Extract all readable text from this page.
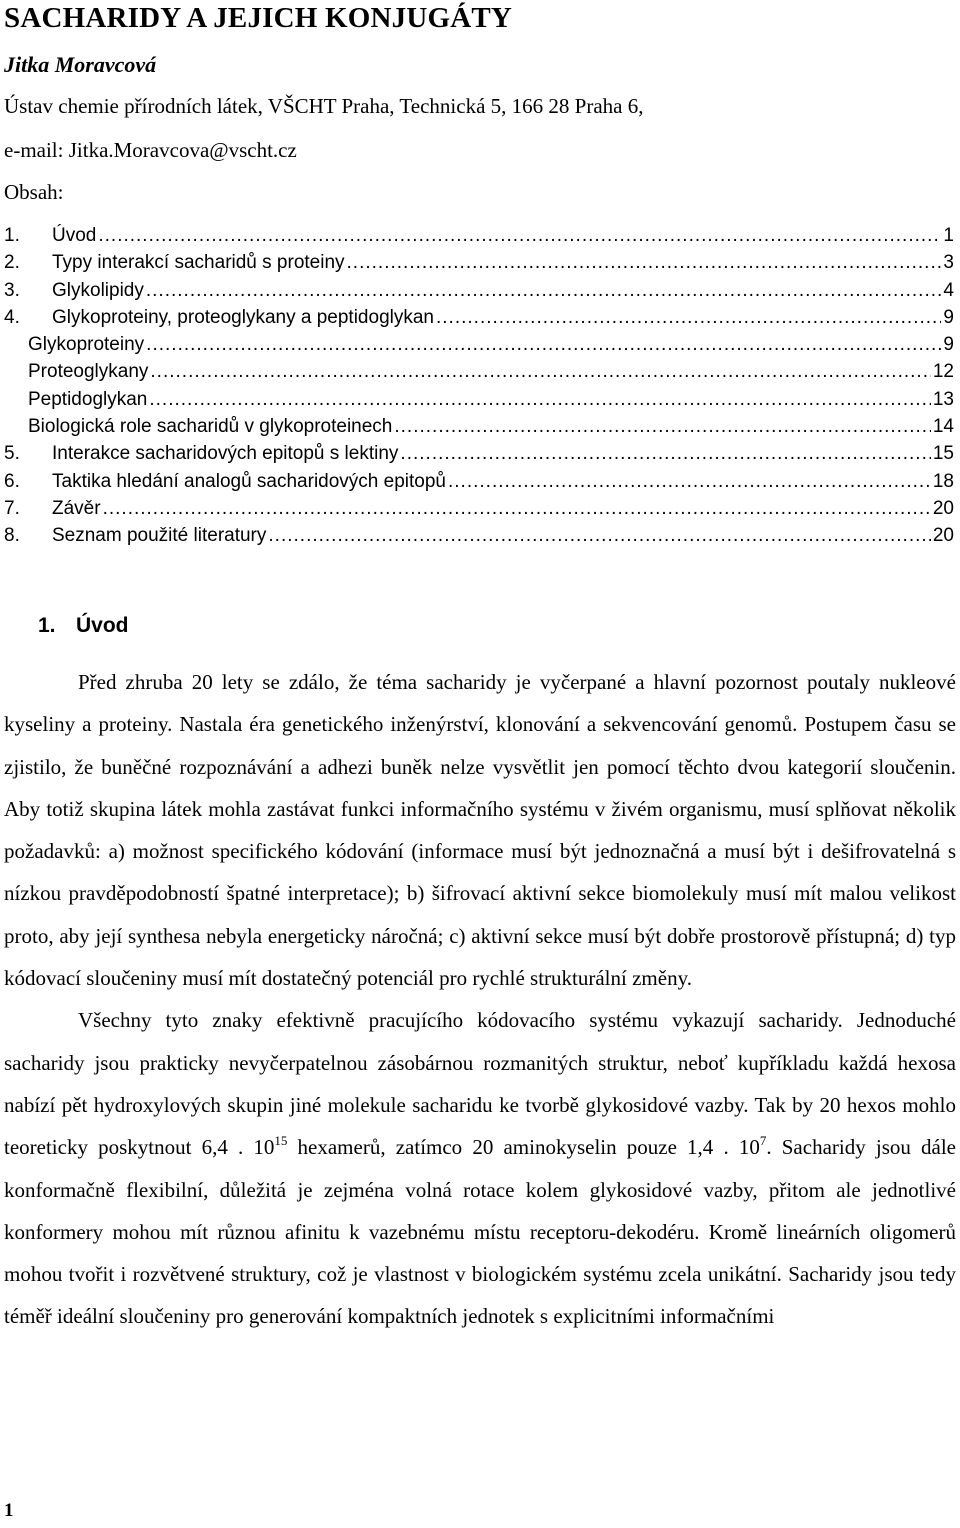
SACHARIDY A JEJICH KONJUGÁTY
Jitka Moravcová
Ústav chemie přírodních látek, VŠCHT Praha, Technická 5, 166 28 Praha 6,
e-mail: Jitka.Moravcova@vscht.cz
Obsah:
1.	Úvod .....	1
2.	Typy interakcí sacharidů s proteiny .....	3
3.	Glykolipidy .....	4
4.	Glykoproteiny, proteoglykany a peptidoglykan .....	9
Glykoproteiny .....	9
Proteoglykany .....	12
Peptidoglykan .....	13
Biologická role sacharidů v glykoproteinech .....	14
5.	Interakce sacharidových epitopů s lektiny .....	15
6.	Taktika hledání analogů sacharidových epitopů .....	18
7.	Závěr .....	20
8.	Seznam použité literatury .....	20
1. Úvod

Před zhruba 20 lety se zdálo, že téma sacharidy je vyčerpané a hlavní pozornost poutaly nukleové kyseliny a proteiny. Nastala éra genetického inženýrství, klonování a sekvencování genomů. Postupem času se zjistilo, že buněčné rozpoznávání a adhezi buněk nelze vysvětlit jen pomocí těchto dvou kategorií sloučenin. Aby totiž skupina látek mohla zastávat funkci informačního systému v živém organismu, musí splňovat několik požadavků: a) možnost specifického kódování (informace musí být jednoznačná a musí být i dešifrovatelná s nízkou pravděpodobností špatné interpretace); b) šifrovací aktivní sekce biomolekuly musí mít malou velikost proto, aby její synthesa nebyla energeticky náročná; c) aktivní sekce musí být dobře prostorově přístupná; d) typ kódovací sloučeniny musí mít dostatečný potenciál pro rychlé strukturální změny.

Všechny tyto znaky efektivně pracujícího kódovacího systému vykazují sacharidy. Jednoduché sacharidy jsou prakticky nevyčerpatelnou zásobárnou rozmanitých struktur, neboť kupříkladu každá hexosa nabízí pět hydroxylových skupin jiné molekule sacharidu ke tvorbě glykosidové vazby. Tak by 20 hexos mohlo teoreticky poskytnout 6,4 . $10^{15}$ hexamerů, zatímco 20 aminokyselin pouze 1,4 . $10^7$. Sacharidy jsou dále konformačně flexibilní, důležitá je zejména volná rotace kolem glykosidové vazby, přitom ale jednotlivé konformery mohou mít různou afinitu k vazebnému místu receptoru-dekodéru. Kromě lineárních oligomerů mohou tvořit i rozvětvené struktury, což je vlastnost v biologickém systému zcela unikátní. Sacharidy jsou tedy téměř ideální sloučeniny pro generování kompaktních jednotek s explicitními informačními

1
